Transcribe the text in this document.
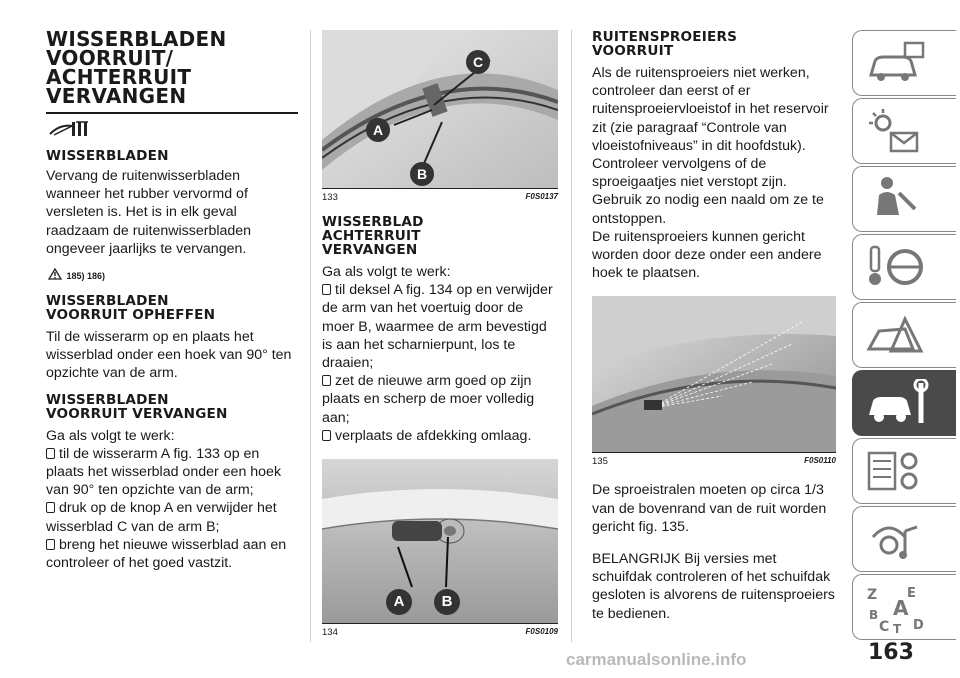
WISSERBLADEN
VOORRUIT/
ACHTERRUIT
VERVANGEN
WISSERBLADEN

Vervang de ruitenwisserbladen wanneer het rubber vervormd of versleten is. Het is in elk geval raadzaam de ruitenwisserbladen ongeveer jaarlijks te vervangen.

185) 186)
WISSERBLADEN
VOORRUIT OPHEFFEN

Til de wisserarm op en plaats het wisserblad onder een hoek van 90° ten opzichte van de arm.

WISSERBLADEN
VOORRUIT VERVANGEN

Ga als volgt te werk:

til de wisserarm A fig. 133 op en plaats het wisserblad onder een hoek van 90° ten opzichte van de arm;

druk op de knop A en verwijder het wisserblad C van de arm B;

breng het nieuwe wisserblad aan en controleer of het goed vastzit.

C
A
B
133	F0S0137
WISSERBLAD
ACHTERRUIT
VERVANGEN

Ga als volgt te werk:

til deksel A fig. 134 op en verwijder de arm van het voertuig door de moer B, waarmee de arm bevestigd is aan het scharnierpunt, los te draaien;

zet de nieuwe arm goed op zijn plaats en scherp de moer volledig aan;

verplaats de afdekking omlaag.

A	B
134	F0S0109
RUITENSPROEIERS
VOORRUIT

Als de ruitensproeiers niet werken, controleer dan eerst of er ruitensproeiervloeistof in het reservoir zit (zie paragraaf “Controle van vloeistofniveaus” in dit hoofdstuk). Controleer vervolgens of de sproeigaatjes niet verstopt zijn. Gebruik zo nodig een naald om ze te ontstoppen.

De ruitensproeiers kunnen gericht worden door deze onder een andere hoek te plaatsen.

135	F0S0110

De sproeistralen moeten op circa 1/3 van de bovenrand van de ruit worden gericht fig. 135.

BELANGRIJK Bij versies met schuifdak controleren of het schuifdak gesloten is alvorens de ruitensproeiers te bedienen.

Z E
A
B
C T D
163
carmanualsonline.info
